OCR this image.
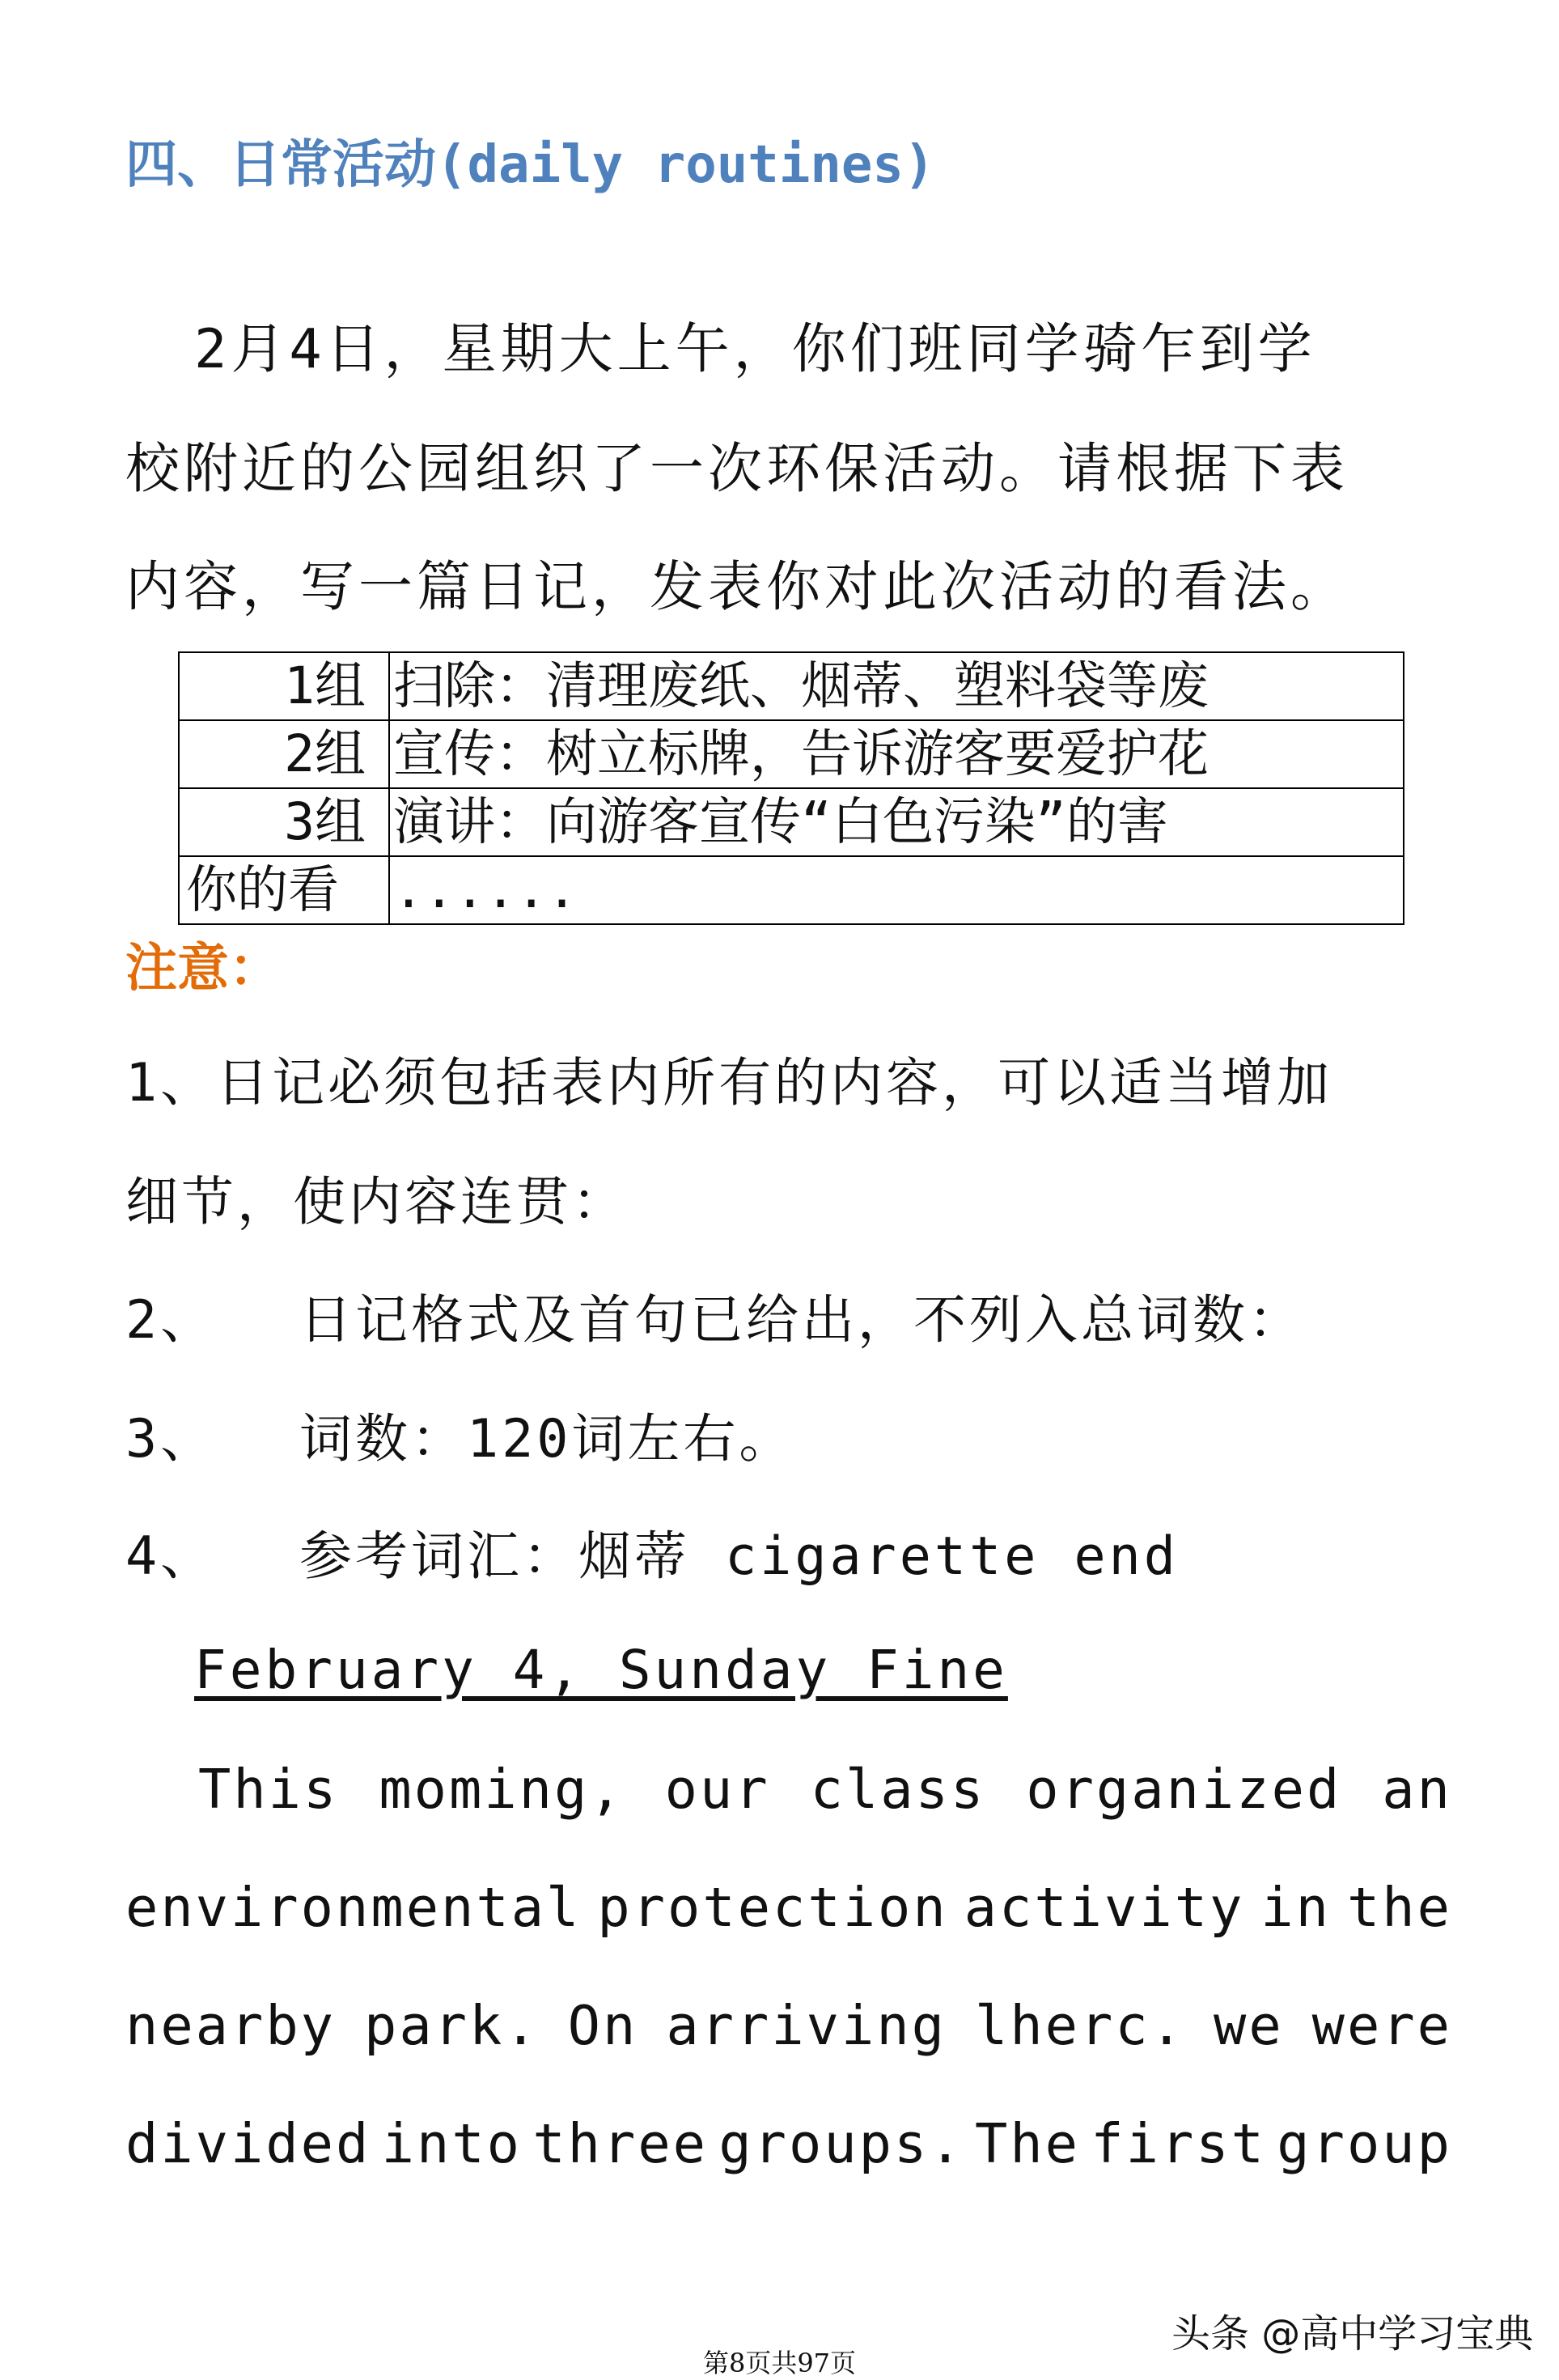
四、日常活动(daily routines)
2月4日，星期大上午，你们班同学骑乍到学
校附近的公园组织了一次环保活动。请根据下表
内容，写一篇日记，发表你对此次活动的看法。
1组	扫除：清理废纸、烟蒂、塑料袋等废
2组	宣传：树立标牌，告诉游客要爱护花
3组	演讲：向游客宣传“白色污染”的害
你的看	......
注意：
1、日记必须包括表内所有的内容，可以适当增加
细节，使内容连贯：
2、 日记格式及首句已给出，不列入总词数：
3、 词数：120词左右。
4、 参考词汇：烟蒂 cigarette end
February 4, Sunday Fine
This moming, our class organized an
environmental protection activity in the
nearby park. On arriving lherc. we were
divided into three groups. The first group
头条 @高中学习宝典
第8页共97页
